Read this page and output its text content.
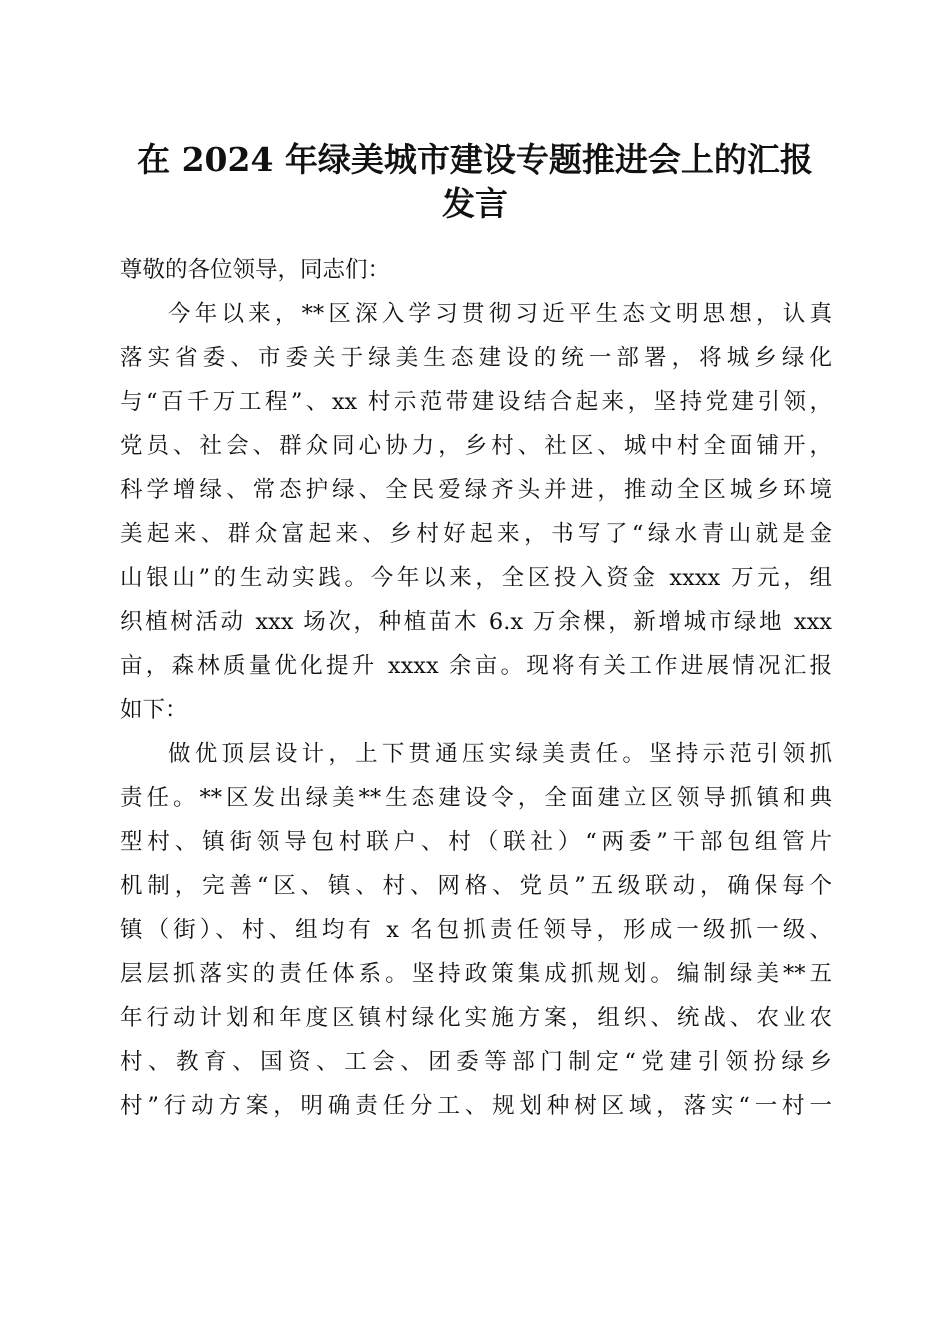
在 2024 年绿美城市建设专题推进会上的汇报
发言
尊敬的各位领导，同志们：
今年以来，**区深入学习贯彻习近平生态文明思想，认真
落实省委、市委关于绿美生态建设的统一部署，将城乡绿化
与“百千万工程”、xx 村示范带建设结合起来，坚持党建引领，
党员、社会、群众同心协力，乡村、社区、城中村全面铺开，
科学增绿、常态护绿、全民爱绿齐头并进，推动全区城乡环境
美起来、群众富起来、乡村好起来，书写了“绿水青山就是金
山银山”的生动实践。今年以来，全区投入资金 xxxx 万元，组
织植树活动 xxx 场次，种植苗木 6.x 万余棵，新增城市绿地 xxx
亩，森林质量优化提升 xxxx 余亩。现将有关工作进展情况汇报
如下：
做优顶层设计，上下贯通压实绿美责任。坚持示范引领抓
责任。**区发出绿美**生态建设令，全面建立区领导抓镇和典
型村、镇街领导包村联户、村（联社）“两委”干部包组管片
机制，完善“区、镇、村、网格、党员”五级联动，确保每个
镇（街）、村、组均有 x 名包抓责任领导，形成一级抓一级、
层层抓落实的责任体系。坚持政策集成抓规划。编制绿美**五
年行动计划和年度区镇村绿化实施方案，组织、统战、农业农
村、教育、国资、工会、团委等部门制定“党建引领扮绿乡
村”行动方案，明确责任分工、规划种树区域，落实“一村一
